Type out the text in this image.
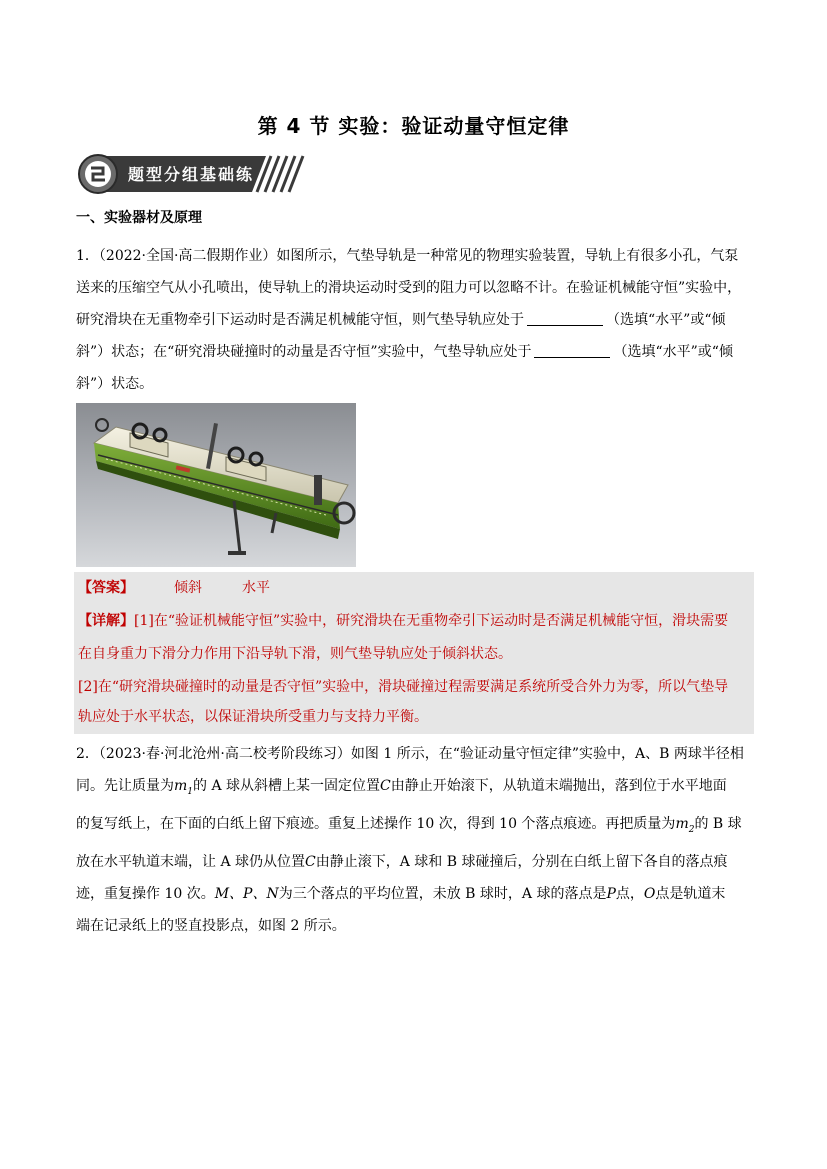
第 4 节 实验：验证动量守恒定律
题型分组基础练
一、实验器材及原理
1．（2022·全国·高二假期作业）如图所示，气垫导轨是一种常见的物理实验装置，导轨上有很多小孔，气泵
送来的压缩空气从小孔喷出，使导轨上的滑块运动时受到的阻力可以忽略不计。在验证机械能守恒”实验中，
研究滑块在无重物牵引下运动时是否满足机械能守恒，则气垫导轨应处于	（选填“水平”或“倾
斜”）状态；在“研究滑块碰撞时的动量是否守恒”实验中，气垫导轨应处于	（选填“水平”或“倾
斜”）状态。
【答案】	倾斜	水平
【详解】[1]在“验证机械能守恒”实验中，研究滑块在无重物牵引下运动时是否满足机械能守恒，滑块需要
在自身重力下滑分力作用下沿导轨下滑，则气垫导轨应处于倾斜状态。
[2]在“研究滑块碰撞时的动量是否守恒”实验中，滑块碰撞过程需要满足系统所受合外力为零，所以气垫导
轨应处于水平状态，以保证滑块所受重力与支持力平衡。
2．（2023·春·河北沧州·高二校考阶段练习）如图 1 所示，在“验证动量守恒定律”实验中，A、B 两球半径相
同。先让质量为$m_1$的 A 球从斜槽上某一固定位置C由静止开始滚下，从轨道末端抛出，落到位于水平地面
的复写纸上，在下面的白纸上留下痕迹。重复上述操作 10 次，得到 10 个落点痕迹。再把质量为$m_2$的 B 球
放在水平轨道末端，让 A 球仍从位置C由静止滚下，A 球和 B 球碰撞后，分别在白纸上留下各自的落点痕
迹，重复操作 10 次。M、P、N为三个落点的平均位置，未放 B 球时，A 球的落点是P点，O点是轨道末
端在记录纸上的竖直投影点，如图 2 所示。
